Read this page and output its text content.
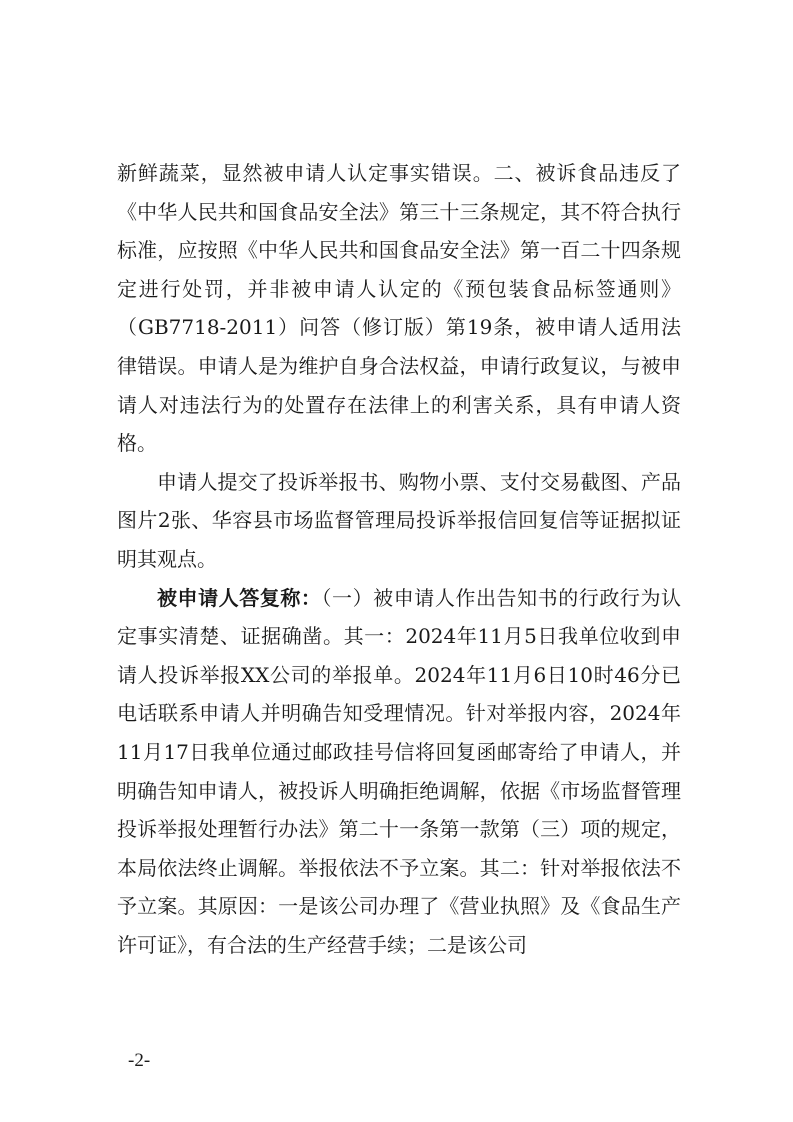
新鲜蔬菜，显然被申请人认定事实错误。二、被诉食品违反了《中华人民共和国食品安全法》第三十三条规定，其不符合执行标准，应按照《中华人民共和国食品安全法》第一百二十四条规定进行处罚，并非被申请人认定的《预包装食品标签通则》（GB7718-2011）问答（修订版）第19条，被申请人适用法律错误。申请人是为维护自身合法权益，申请行政复议，与被申请人对违法行为的处置存在法律上的利害关系，具有申请人资格。

申请人提交了投诉举报书、购物小票、支付交易截图、产品图片2张、华容县市场监督管理局投诉举报信回复信等证据拟证明其观点。

被申请人答复称：（一）被申请人作出告知书的行政行为认定事实清楚、证据确凿。其一：2024年11月5日我单位收到申请人投诉举报XX公司的举报单。2024年11月6日10时46分已电话联系申请人并明确告知受理情况。针对举报内容，2024年11月17日我单位通过邮政挂号信将回复函邮寄给了申请人，并明确告知申请人，被投诉人明确拒绝调解，依据《市场监督管理投诉举报处理暂行办法》第二十一条第一款第（三）项的规定，本局依法终止调解。举报依法不予立案。其二：针对举报依法不予立案。其原因：一是该公司办理了《营业执照》及《食品生产许可证》，有合法的生产经营手续；二是该公司

-2-
